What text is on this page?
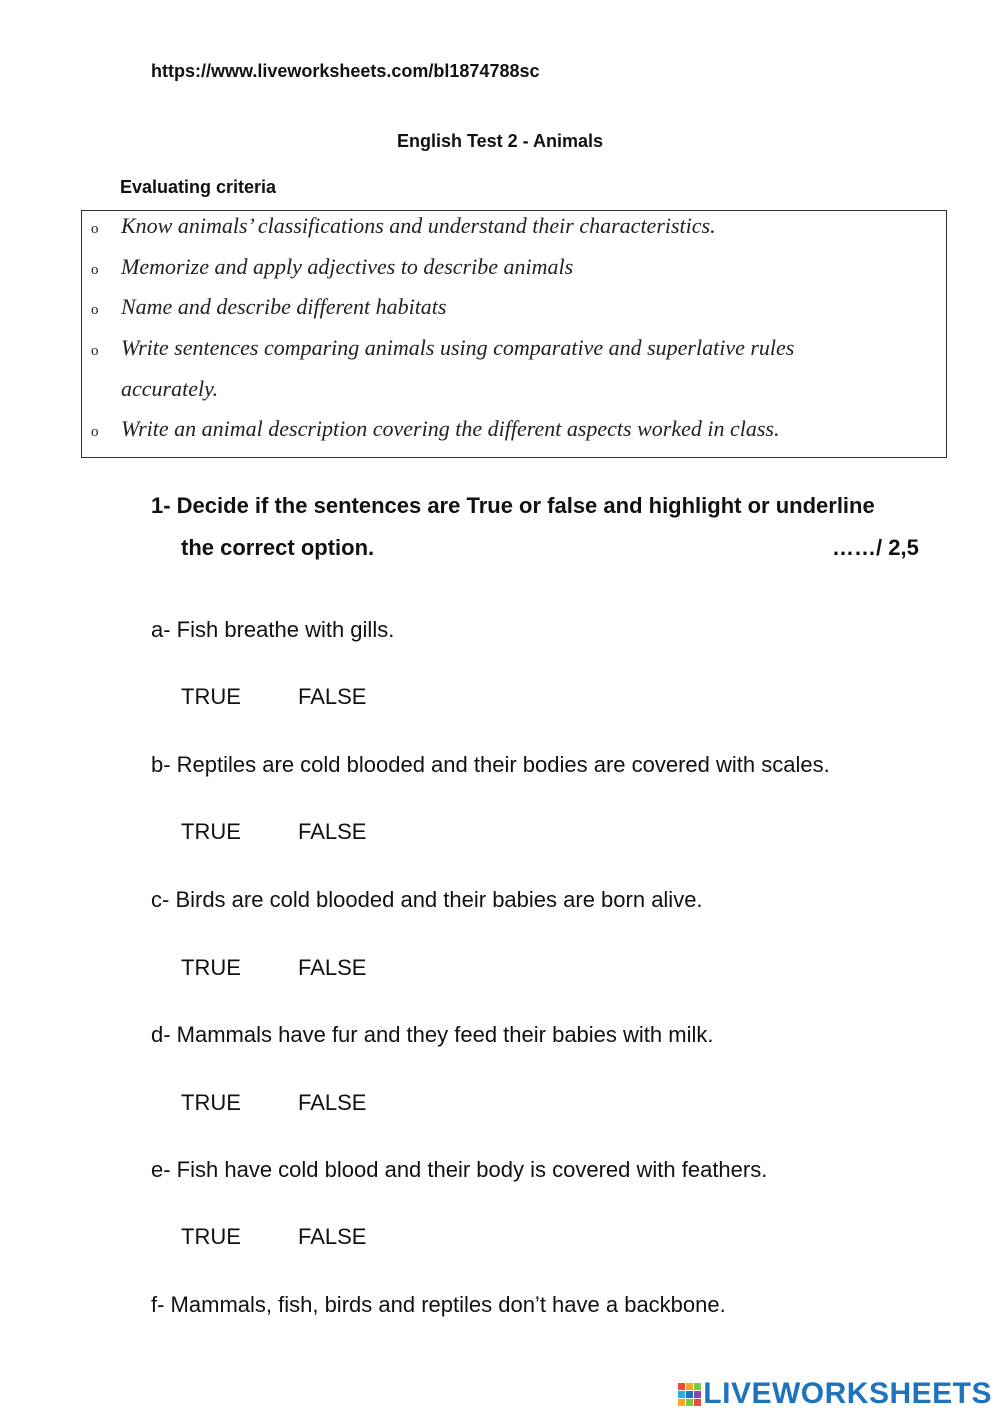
https://www.liveworksheets.com/bl1874788sc
English Test 2 - Animals
Evaluating criteria
o Know animals’ classifications and understand their characteristics.
o Memorize and apply adjectives to describe animals
o Name and describe different habitats
o Write sentences comparing animals using comparative and superlative rules
accurately.
o Write an animal description covering the different aspects worked in class.
1- Decide if the sentences are True or false and highlight or underline
the correct option.	……/ 2,5
a- Fish breathe with gills.
TRUE	FALSE
b- Reptiles are cold blooded and their bodies are covered with scales.
TRUE	FALSE
c- Birds are cold blooded and their babies are born alive.
TRUE	FALSE
d- Mammals have fur and they feed their babies with milk.
TRUE	FALSE
e- Fish have cold blood and their body is covered with feathers.
TRUE	FALSE
f- Mammals, fish, birds and reptiles don’t have a backbone.
LIVEWORKSHEETS
